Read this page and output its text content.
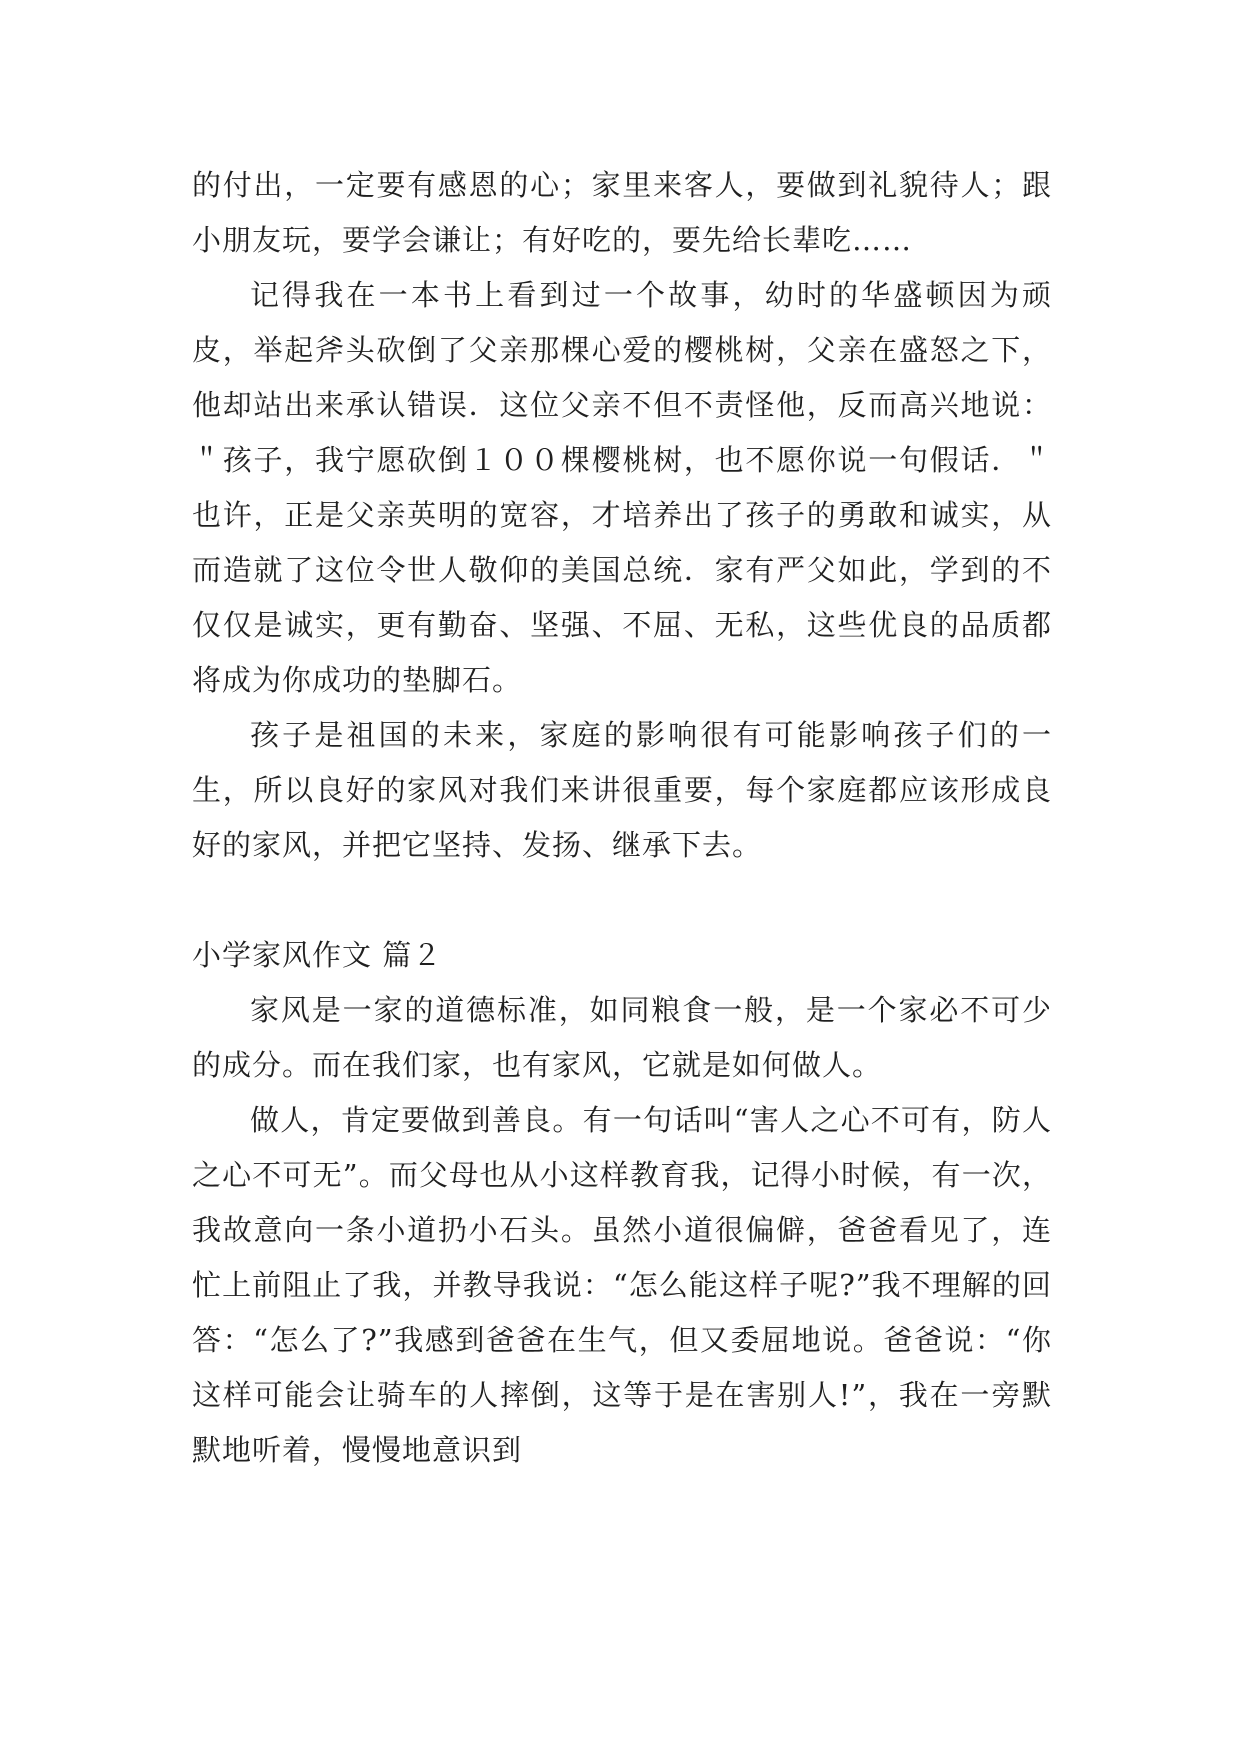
的付出，一定要有感恩的心；家里来客人，要做到礼貌待人；跟小朋友玩，要学会谦让；有好吃的，要先给长辈吃……

记得我在一本书上看到过一个故事，幼时的华盛顿因为顽皮，举起斧头砍倒了父亲那棵心爱的樱桃树，父亲在盛怒之下，他却站出来承认错误．这位父亲不但不责怪他，反而高兴地说：＂孩子，我宁愿砍倒１００棵樱桃树，也不愿你说一句假话．＂也许，正是父亲英明的宽容，才培养出了孩子的勇敢和诚实，从而造就了这位令世人敬仰的美国总统．家有严父如此，学到的不仅仅是诚实，更有勤奋、坚强、不屈、无私，这些优良的品质都将成为你成功的垫脚石。

孩子是祖国的未来，家庭的影响很有可能影响孩子们的一生，所以良好的家风对我们来讲很重要，每个家庭都应该形成良好的家风，并把它坚持、发扬、继承下去。

小学家风作文 篇２

家风是一家的道德标准，如同粮食一般，是一个家必不可少的成分。而在我们家，也有家风，它就是如何做人。

做人，肯定要做到善良。有一句话叫“害人之心不可有，防人之心不可无”。而父母也从小这样教育我，记得小时候，有一次，我故意向一条小道扔小石头。虽然小道很偏僻，爸爸看见了，连忙上前阻止了我，并教导我说：“怎么能这样子呢?”我不理解的回答：“怎么了?”我感到爸爸在生气，但又委屈地说。爸爸说：“你这样可能会让骑车的人摔倒，这等于是在害别人!”，我在一旁默默地听着，慢慢地意识到
